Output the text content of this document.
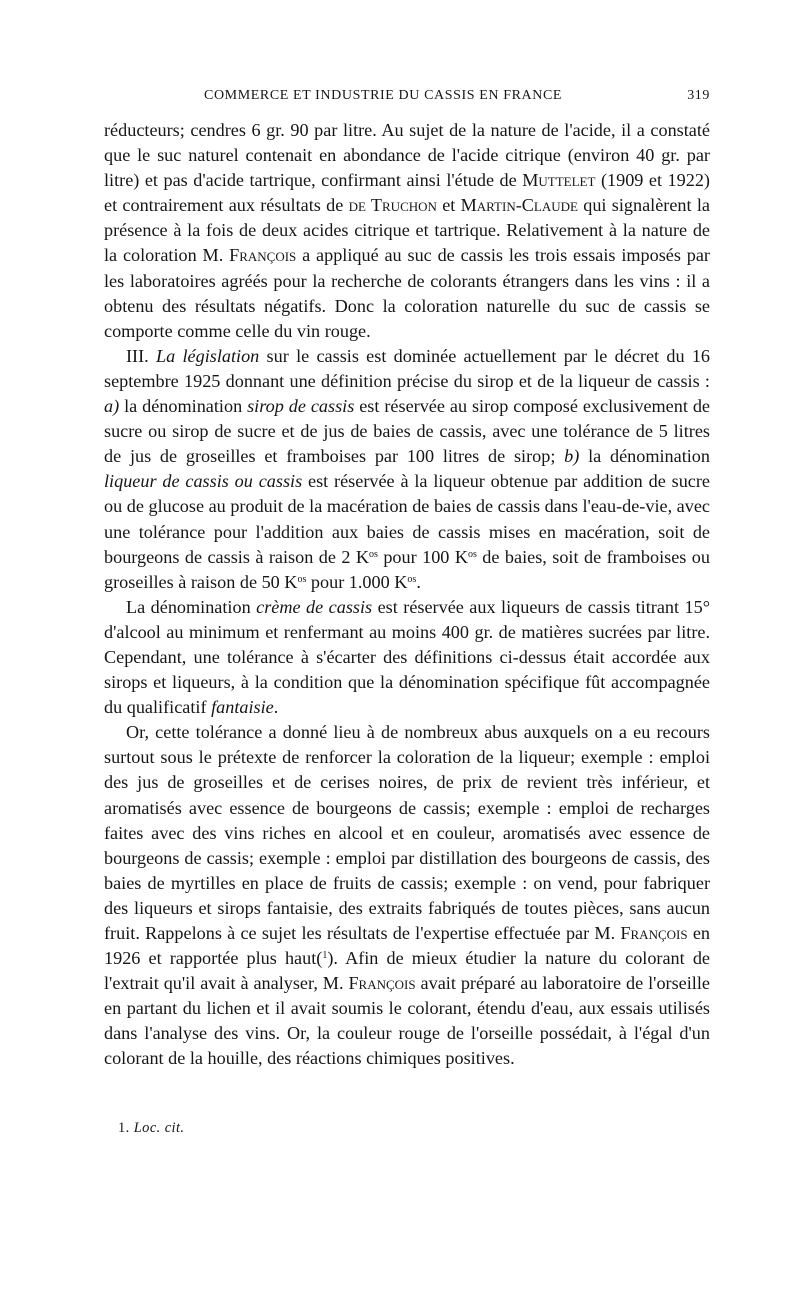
COMMERCE ET INDUSTRIE DU CASSIS EN FRANCE	319

réducteurs; cendres 6 gr. 90 par litre. Au sujet de la nature de l'acide, il a constaté que le suc naturel contenait en abondance de l'acide citrique (environ 40 gr. par litre) et pas d'acide tartrique, confirmant ainsi l'étude de Muttelet (1909 et 1922) et contrairement aux résultats de de Truchon et Martin-Claude qui signalèrent la présence à la fois de deux acides citrique et tartrique. Relativement à la nature de la coloration M. François a appliqué au suc de cassis les trois essais imposés par les laboratoires agréés pour la recherche de colorants étrangers dans les vins : il a obtenu des résultats négatifs. Donc la coloration naturelle du suc de cassis se comporte comme celle du vin rouge.

III. La législation sur le cassis est dominée actuellement par le décret du 16 septembre 1925 donnant une définition précise du sirop et de la liqueur de cassis : a) la dénomination sirop de cassis est réservée au sirop composé exclusivement de sucre ou sirop de sucre et de jus de baies de cassis, avec une tolérance de 5 litres de jus de groseilles et framboises par 100 litres de sirop; b) la dénomination liqueur de cassis ou cassis est réservée à la liqueur obtenue par addition de sucre ou de glucose au produit de la macération de baies de cassis dans l'eau-de-vie, avec une tolérance pour l'addition aux baies de cassis mises en macération, soit de bourgeons de cassis à raison de 2 $K^{os}$ pour 100 $K^{os}$ de baies, soit de framboises ou groseilles à raison de 50 $K^{os}$ pour 1.000 $K^{os}$.

La dénomination crème de cassis est réservée aux liqueurs de cassis titrant 15° d'alcool au minimum et renfermant au moins 400 gr. de matières sucrées par litre. Cependant, une tolérance à s'écarter des définitions ci-dessus était accordée aux sirops et liqueurs, à la condition que la dénomination spécifique fût accompagnée du qualificatif fantaisie.

Or, cette tolérance a donné lieu à de nombreux abus auxquels on a eu recours surtout sous le prétexte de renforcer la coloration de la liqueur; exemple : emploi des jus de groseilles et de cerises noires, de prix de revient très inférieur, et aromatisés avec essence de bourgeons de cassis; exemple : emploi de recharges faites avec des vins riches en alcool et en couleur, aromatisés avec essence de bourgeons de cassis; exemple : emploi par distillation des bourgeons de cassis, des baies de myrtilles en place de fruits de cassis; exemple : on vend, pour fabriquer des liqueurs et sirops fantaisie, des extraits fabriqués de toutes pièces, sans aucun fruit. Rappelons à ce sujet les résultats de l'expertise effectuée par M. François en 1926 et rapportée plus haut($^1$). Afin de mieux étudier la nature du colorant de l'extrait qu'il avait à analyser, M. François avait préparé au laboratoire de l'orseille en partant du lichen et il avait soumis le colorant, étendu d'eau, aux essais utilisés dans l'analyse des vins. Or, la couleur rouge de l'orseille possédait, à l'égal d'un colorant de la houille, des réactions chimiques positives.

1. Loc. cit.
